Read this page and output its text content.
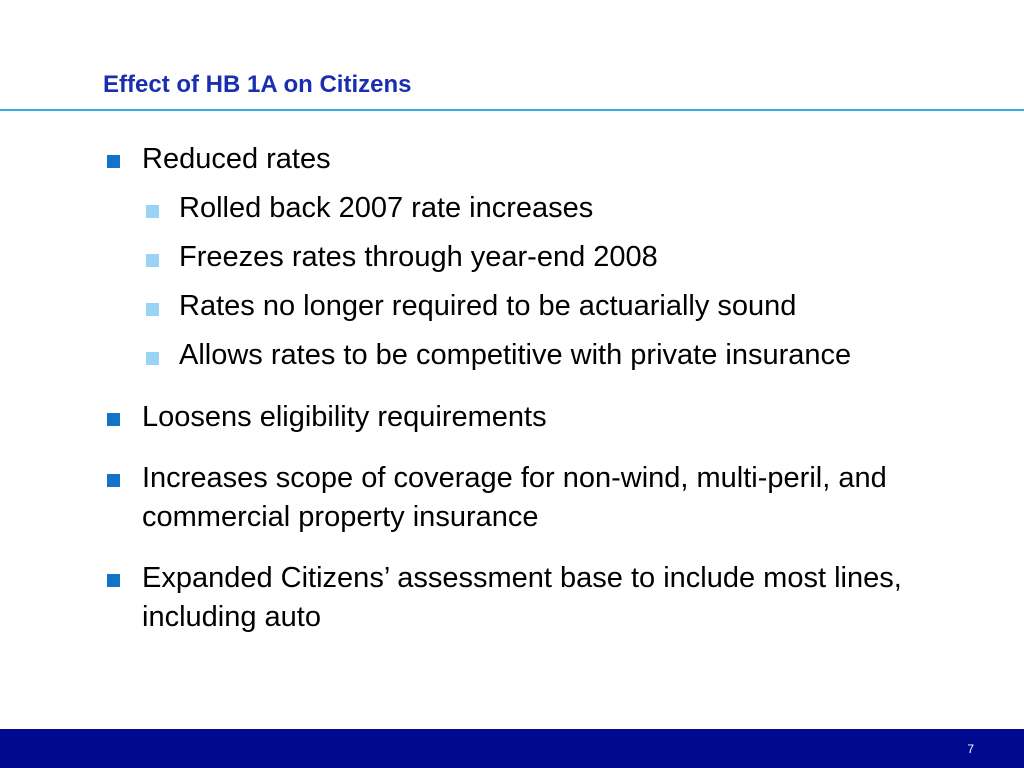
Effect of HB 1A on Citizens
Reduced rates
Rolled back 2007 rate increases
Freezes rates through year-end 2008
Rates no longer required to be actuarially sound
Allows rates to be competitive with private insurance
Loosens eligibility requirements
Increases scope of coverage for non-wind, multi-peril, and commercial property insurance
Expanded Citizens’ assessment base to include most lines, including auto
7
